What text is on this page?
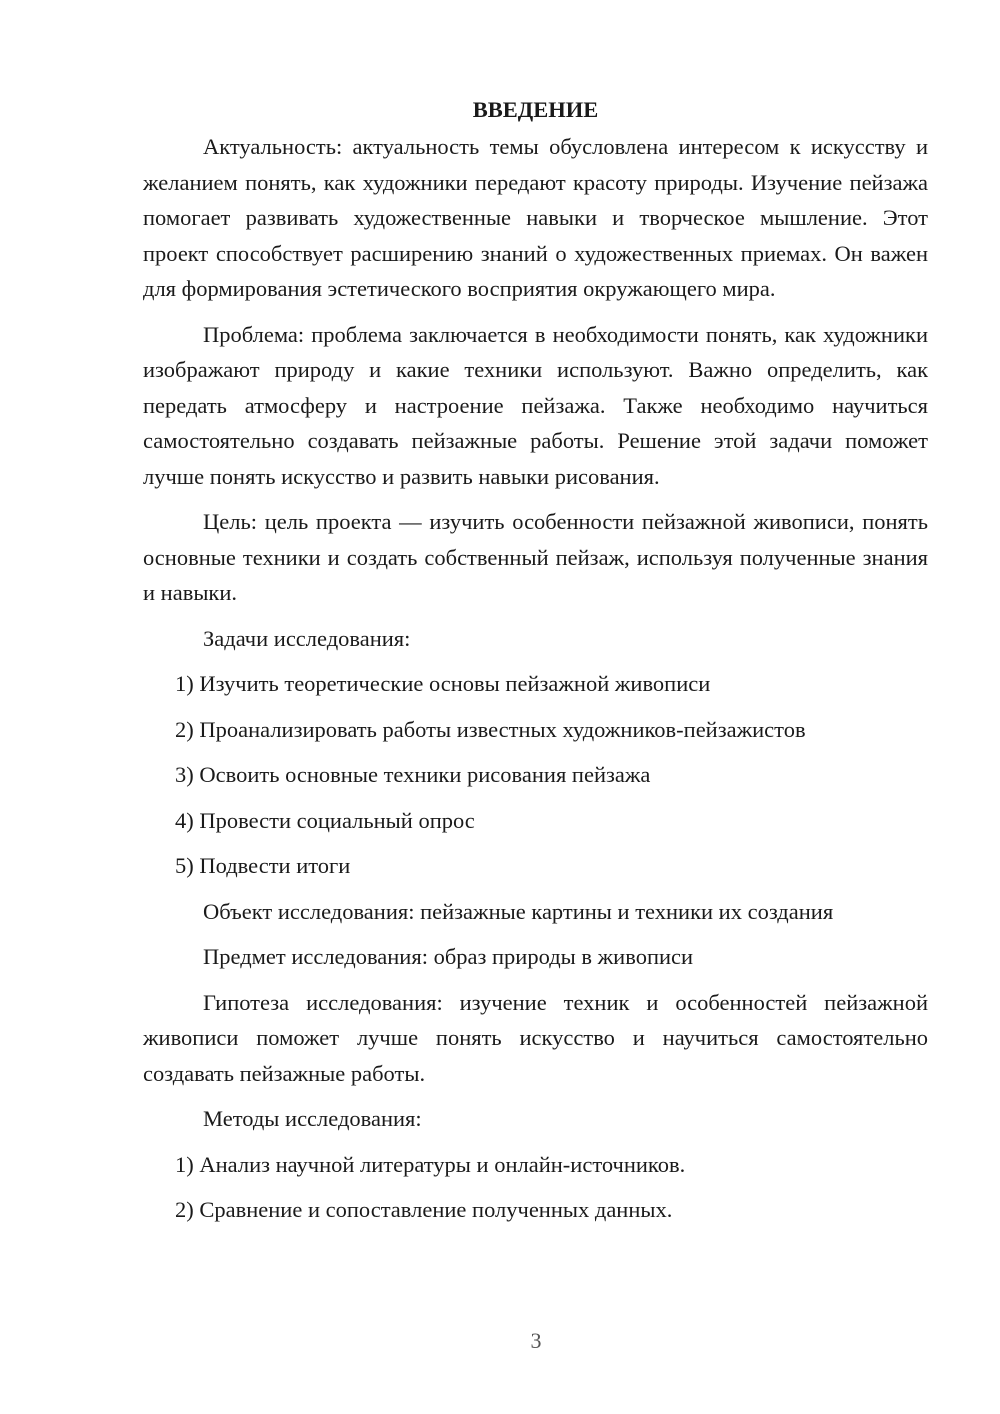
ВВЕДЕНИЕ

Актуальность: актуальность темы обусловлена интересом к искусству и желанием понять, как художники передают красоту природы. Изучение пейзажа помогает развивать художественные навыки и творческое мышление. Этот проект способствует расширению знаний о художественных приемах. Он важен для формирования эстетического восприятия окружающего мира.

Проблема: проблема заключается в необходимости понять, как художники изображают природу и какие техники используют. Важно определить, как передать атмосферу и настроение пейзажа. Также необходимо научиться самостоятельно создавать пейзажные работы. Решение этой задачи поможет лучше понять искусство и развить навыки рисования.

Цель: цель проекта — изучить особенности пейзажной живописи, понять основные техники и создать собственный пейзаж, используя полученные знания и навыки.

Задачи исследования:
1) Изучить теоретические основы пейзажной живописи
2) Проанализировать работы известных художников-пейзажистов
3) Освоить основные техники рисования пейзажа
4) Провести социальный опрос
5) Подвести итоги
Объект исследования: пейзажные картины и техники их создания
Предмет исследования: образ природы в живописи

Гипотеза исследования: изучение техник и особенностей пейзажной живописи поможет лучше понять искусство и научиться самостоятельно создавать пейзажные работы.

Методы исследования:
1) Анализ научной литературы и онлайн-источников.
2) Сравнение и сопоставление полученных данных.
3
